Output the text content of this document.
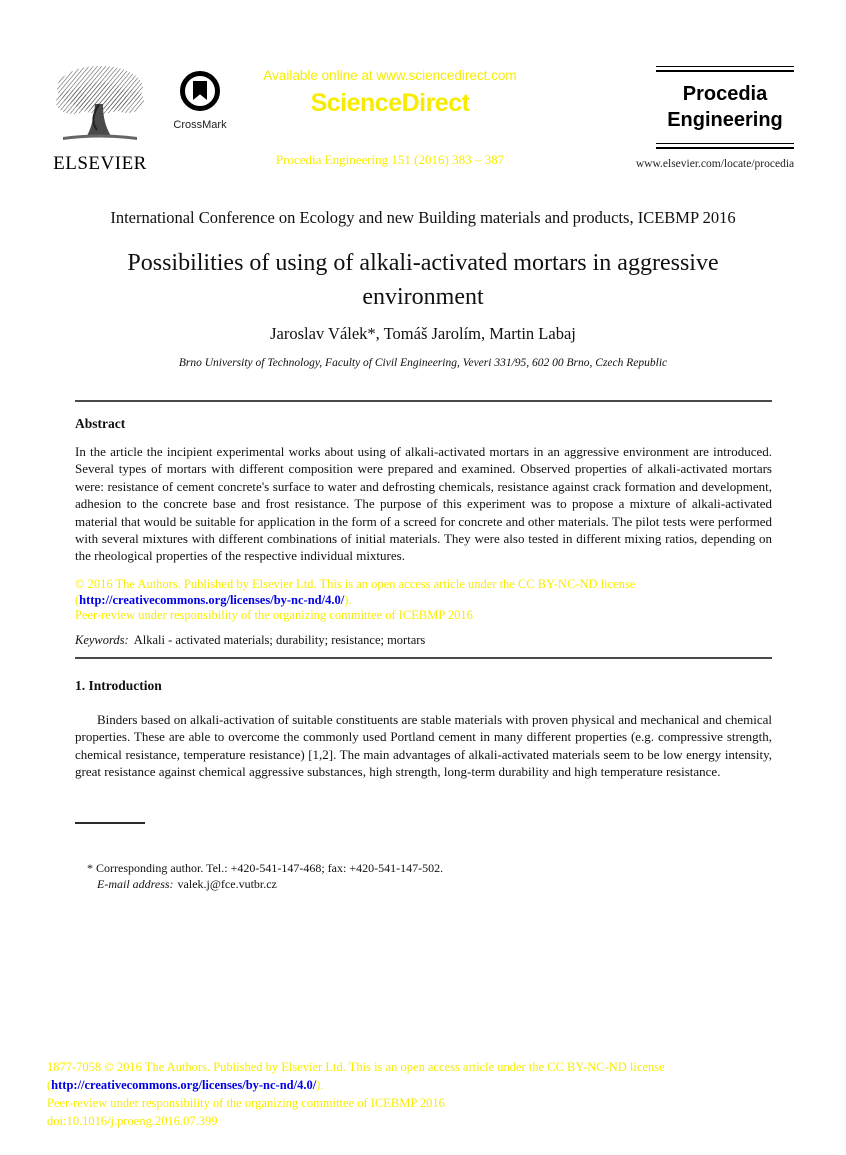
ELSEVIER
CrossMark
Available online at www.sciencedirect.com
ScienceDirect
Procedia Engineering 151 (2016) 383 – 387
Procedia
Engineering
www.elsevier.com/locate/procedia
International Conference on Ecology and new Building materials and products, ICEBMP 2016
Possibilities of using of alkali-activated mortars in aggressive environment
Jaroslav Válek*, Tomáš Jarolím, Martin Labaj
Brno University of Technology, Faculty of Civil Engineering, Veveri 331/95, 602 00 Brno, Czech Republic
Abstract

In the article the incipient experimental works about using of alkali-activated mortars in an aggressive environment are introduced. Several types of mortars with different composition were prepared and examined. Observed properties of alkali-activated mortars were: resistance of cement concrete's surface to water and defrosting chemicals, resistance against crack formation and development, adhesion to the concrete base and frost resistance. The purpose of this experiment was to propose a mixture of alkali-activated material that would be suitable for application in the form of a screed for concrete and other materials. The pilot tests were performed with several mixtures with different combinations of initial materials. They were also tested in different mixing ratios, depending on the rheological properties of the respective individual mixtures.

© 2016 The Authors. Published by Elsevier Ltd. This is an open access article under the CC BY-NC-ND license
(http://creativecommons.org/licenses/by-nc-nd/4.0/).
Peer-review under responsibility of the organizing committee of ICEBMP 2016
Keywords: Alkali - activated materials; durability; resistance; mortars
1. Introduction

Binders based on alkali-activation of suitable constituents are stable materials with proven physical and mechanical and chemical properties. These are able to overcome the commonly used Portland cement in many different properties (e.g. compressive strength, chemical resistance, temperature resistance) [1,2]. The main advantages of alkali-activated materials seem to be low energy intensity, great resistance against chemical aggressive substances, high strength, long-term durability and high temperature resistance.

* Corresponding author. Tel.: +420-541-147-468; fax: +420-541-147-502.
E-mail address: valek.j@fce.vutbr.cz
1877-7058 © 2016 The Authors. Published by Elsevier Ltd. This is an open access article under the CC BY-NC-ND license
(http://creativecommons.org/licenses/by-nc-nd/4.0/).
Peer-review under responsibility of the organizing committee of ICEBMP 2016
doi:10.1016/j.proeng.2016.07.399
